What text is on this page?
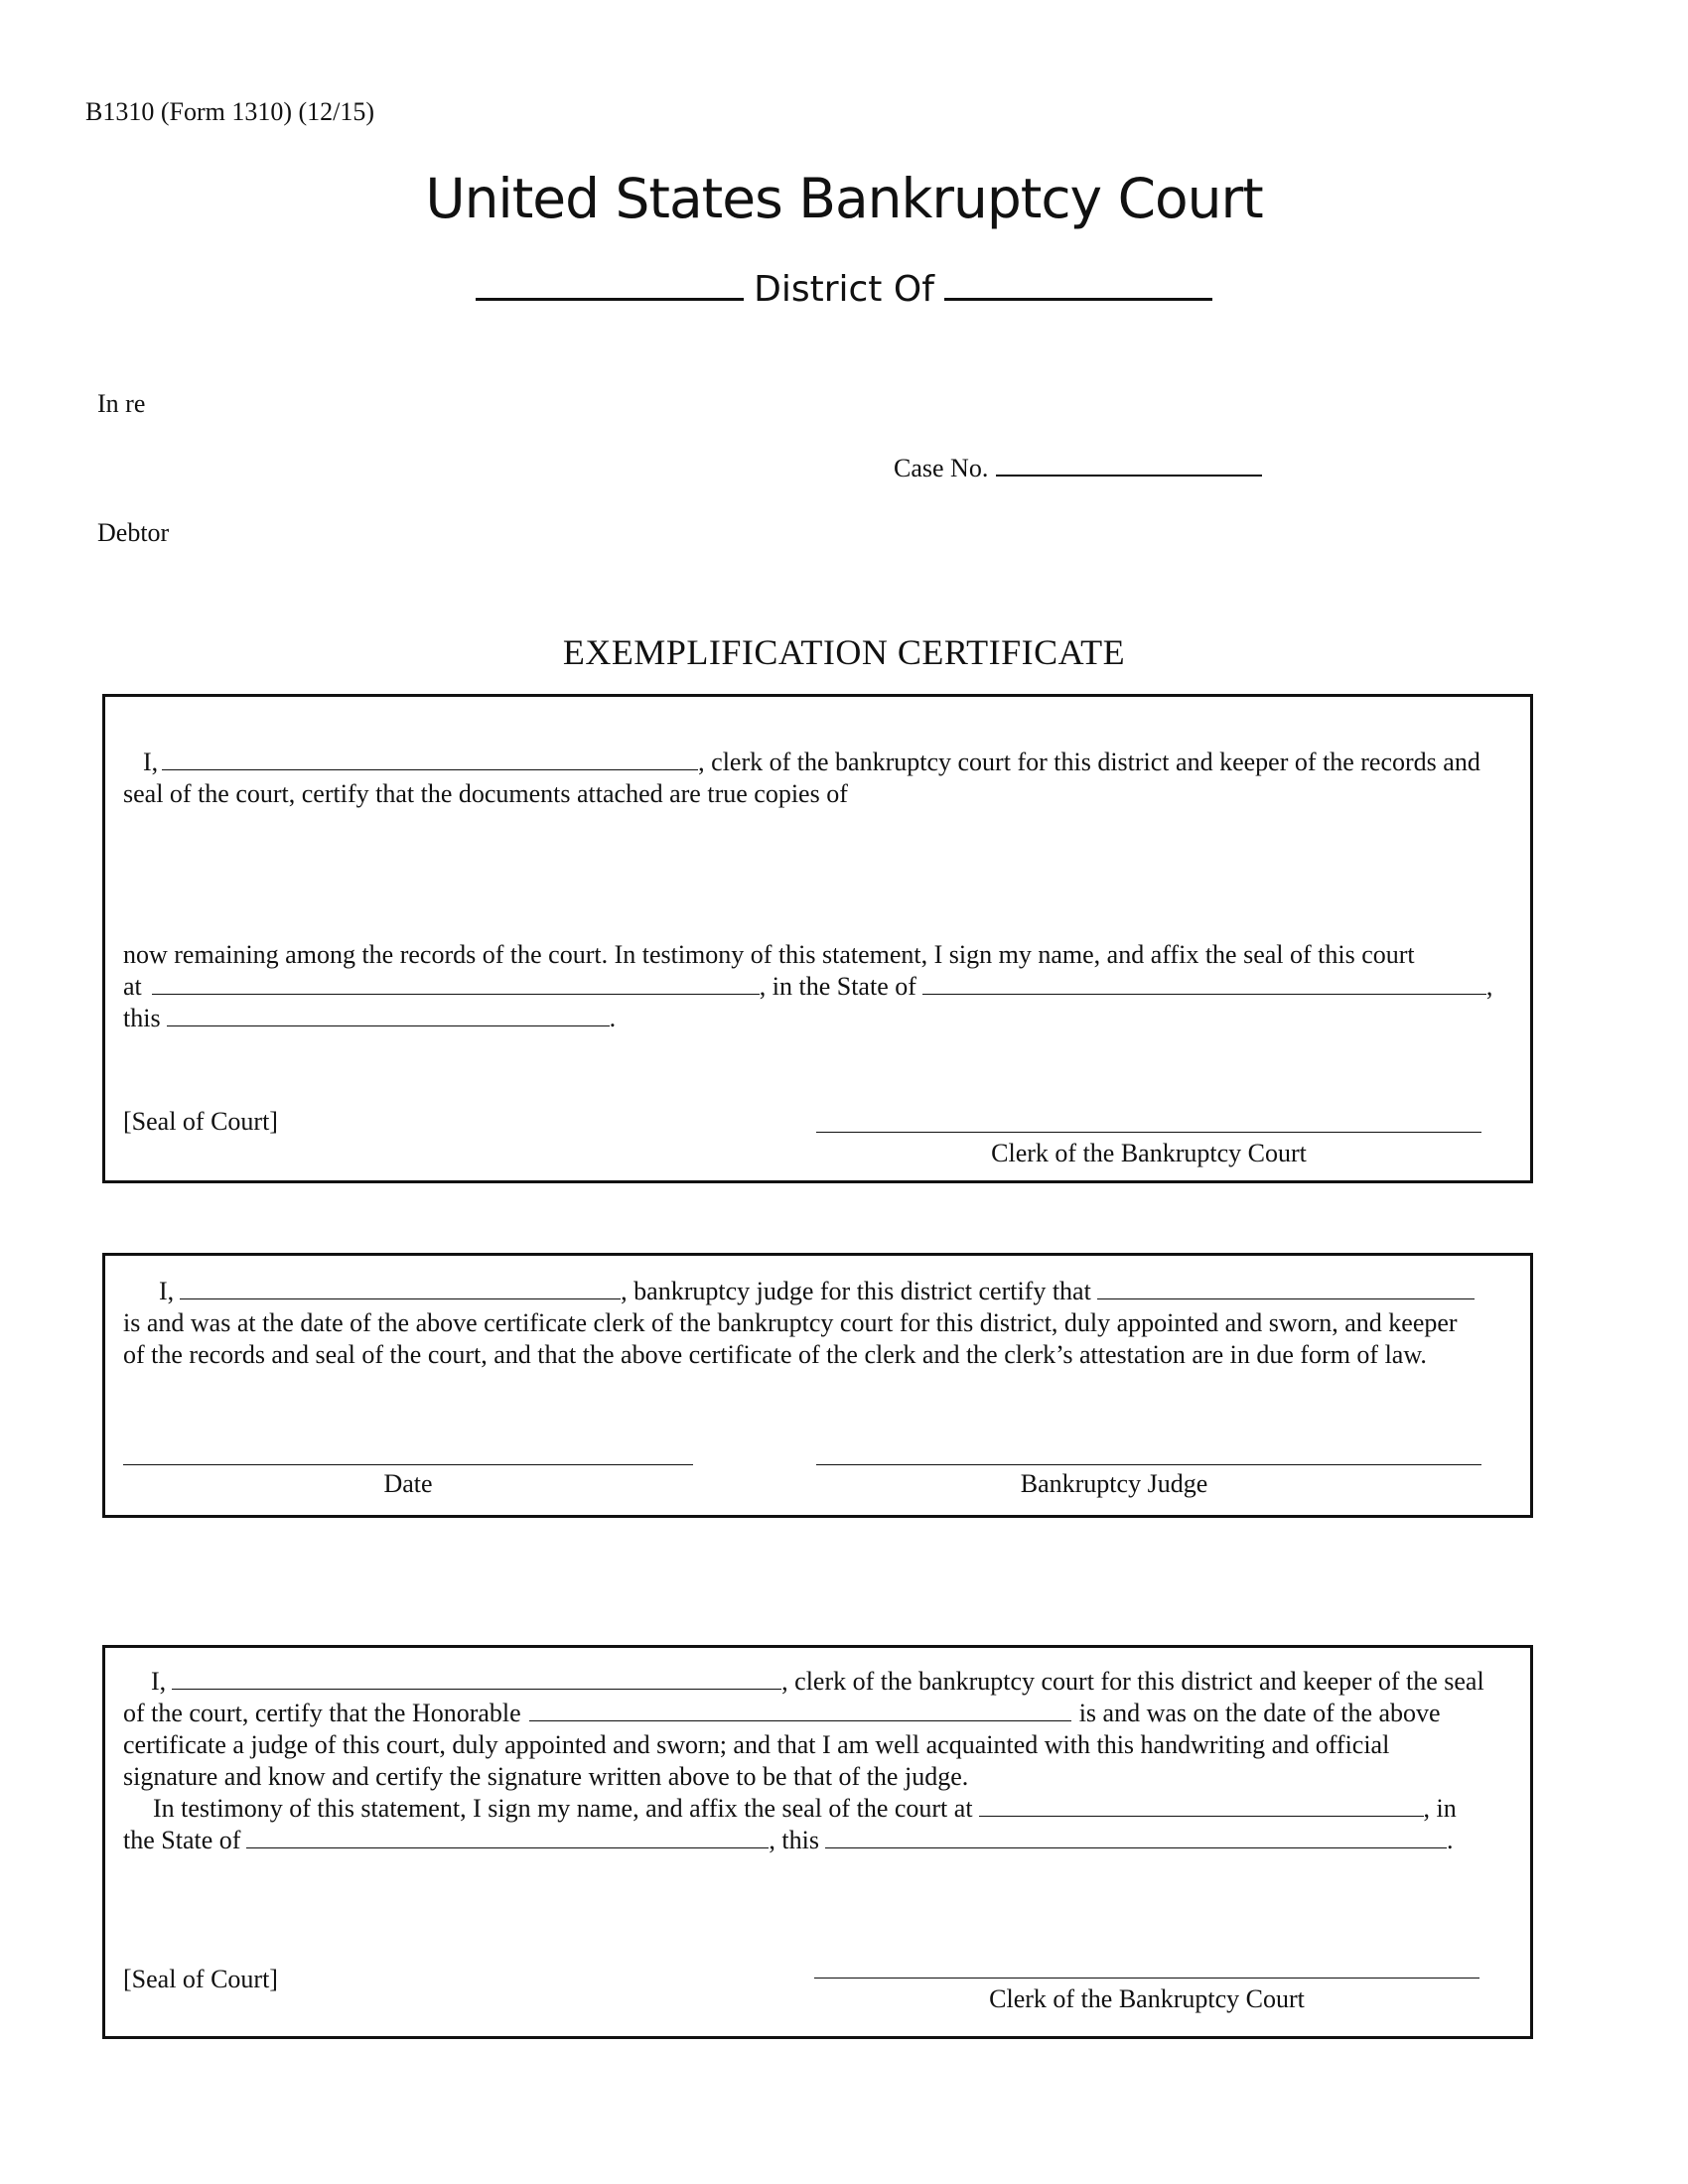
B1310 (Form 1310) (12/15)
United States Bankruptcy Court
District Of
In re
Case No.
Debtor
EXEMPLIFICATION CERTIFICATE
I,	, clerk of the bankruptcy court for this district and keeper of the records and
seal of the court, certify that the documents attached are true copies of
now remaining among the records of the court. In testimony of this statement, I sign my name, and affix the seal of this court
at	, in the State of	,
this	.
[Seal of Court]
Clerk of the Bankruptcy Court
I,	, bankruptcy judge for this district certify that
is and was at the date of the above certificate clerk of the bankruptcy court for this district, duly appointed and sworn, and keeper
of the records and seal of the court, and that the above certificate of the clerk and the clerk’s attestation are in due form of law.
Date	Bankruptcy Judge
I,	, clerk of the bankruptcy court for this district and keeper of the seal
of the court, certify that the Honorable	is and was on the date of the above
certificate a judge of this court, duly appointed and sworn; and that I am well acquainted with this handwriting and official
signature and know and certify the signature written above to be that of the judge.
In testimony of this statement, I sign my name, and affix the seal of the court at	, in
the State of	, this	.
[Seal of Court]
Clerk of the Bankruptcy Court
